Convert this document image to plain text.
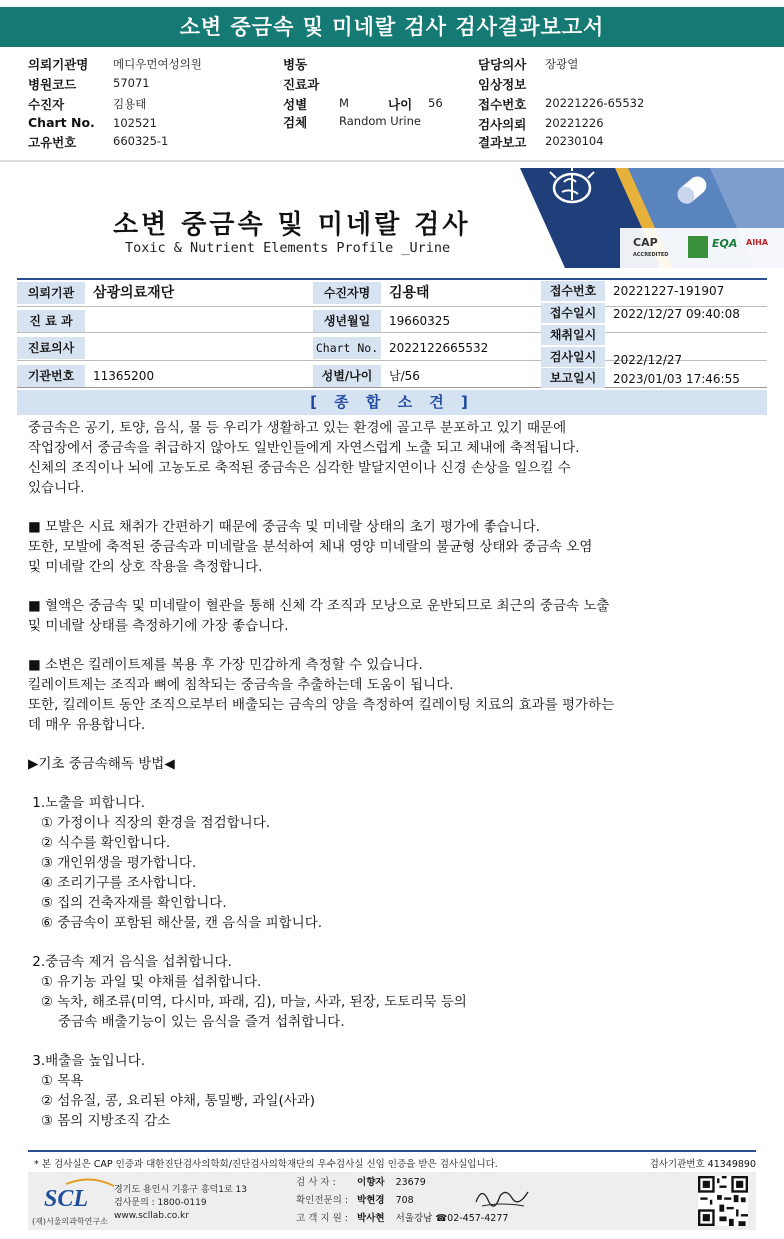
소변 중금속 및 미네랄 검사 검사결과보고서
의뢰기관명 메디우먼여성의원
병원코드	57071
수진자	김용태
Chart No. 102521
고유번호	660325-1
병동
진료과
성별	M	나이 56
검체	Random Urine
담당의사 장광열
임상정보
접수번호 20221226-65532
검사의뢰 20221226
결과보고 20230104
소변 중금속 및 미네랄 검사
Toxic & Nutrient Elements Profile _Urine	CAP
ACCREDITED
EQA AIHA
의뢰기관	삼광의료재단
진 료 과
진료의사
기관번호	11365200
수진자명	김용태
생년월일	19660325
Chart No. 2022122665532
성별/나이	남/56
접수번호	20221227-191907
접수일시	2022/12/27 09:40:08
채취일시
검사일시	2022/12/27
보고일시	2023/01/03 17:46:55
[ 종 합 소 견 ]

중금속은 공기, 토양, 음식, 물 등 우리가 생활하고 있는 환경에 골고루 분포하고 있기 때문에

작업장에서 중금속을 취급하지 않아도 일반인들에게 자연스럽게 노출 되고 체내에 축적됩니다.

신체의 조직이나 뇌에 고농도로 축적된 중금속은 심각한 발달지연이나 신경 손상을 일으킬 수

있습니다.

■ 모발은 시료 채취가 간편하기 때문에 중금속 및 미네랄 상태의 초기 평가에 좋습니다.

또한, 모발에 축적된 중금속과 미네랄을 분석하여 체내 영양 미네랄의 불균형 상태와 중금속 오염

및 미네랄 간의 상호 작용을 측정합니다.

■ 혈액은 중금속 및 미네랄이 혈관을 통해 신체 각 조직과 모낭으로 운반되므로 최근의 중금속 노출

및 미네랄 상태를 측정하기에 가장 좋습니다.

■ 소변은 킬레이트제를 복용 후 가장 민감하게 측정할 수 있습니다.

킬레이트제는 조직과 뼈에 침착되는 중금속을 추출하는데 도움이 됩니다.

또한, 킬레이트 동안 조직으로부터 배출되는 금속의 양을 측정하여 킬레이팅 치료의 효과를 평가하는

데 매우 유용합니다.

▶기초 중금속해독 방법◀

1.노출을 피합니다.

① 가정이나 직장의 환경을 점검합니다.

② 식수를 확인합니다.

③ 개인위생을 평가합니다.

④ 조리기구를 조사합니다.

⑤ 집의 건축자재를 확인합니다.

⑥ 중금속이 포함된 해산물, 캔 음식을 피합니다.

2.중금속 제거 음식을 섭취합니다.

① 유기농 과일 및 야채를 섭취합니다.

② 녹차, 해조류(미역, 다시마, 파래, 김), 마늘, 사과, 된장, 도토리묵 등의

중금속 배출기능이 있는 음식을 즐겨 섭취합니다.

3.배출을 높입니다.

① 목욕

② 섬유질, 콩, 요리된 야채, 통밀빵, 과일(사과)

③ 몸의 지방조직 감소

* 본 검사실은 CAP 인증과 대한진단검사의학회/진단검사의학재단의 우수검사실 신임 인증을 받은 검사실입니다.	검사기관번호 41349890
SCL
(재)서울의과학연구소

경기도 용인시 기흥구 흥덕1로 13

검사문의 : 1800-0119

www.scllab.co.kr

검 사 자 : 이향자 23679
확인전문의 : 박현경 708
고 객 지 원 : 박사현 서울강남 ☎02-457-4277
